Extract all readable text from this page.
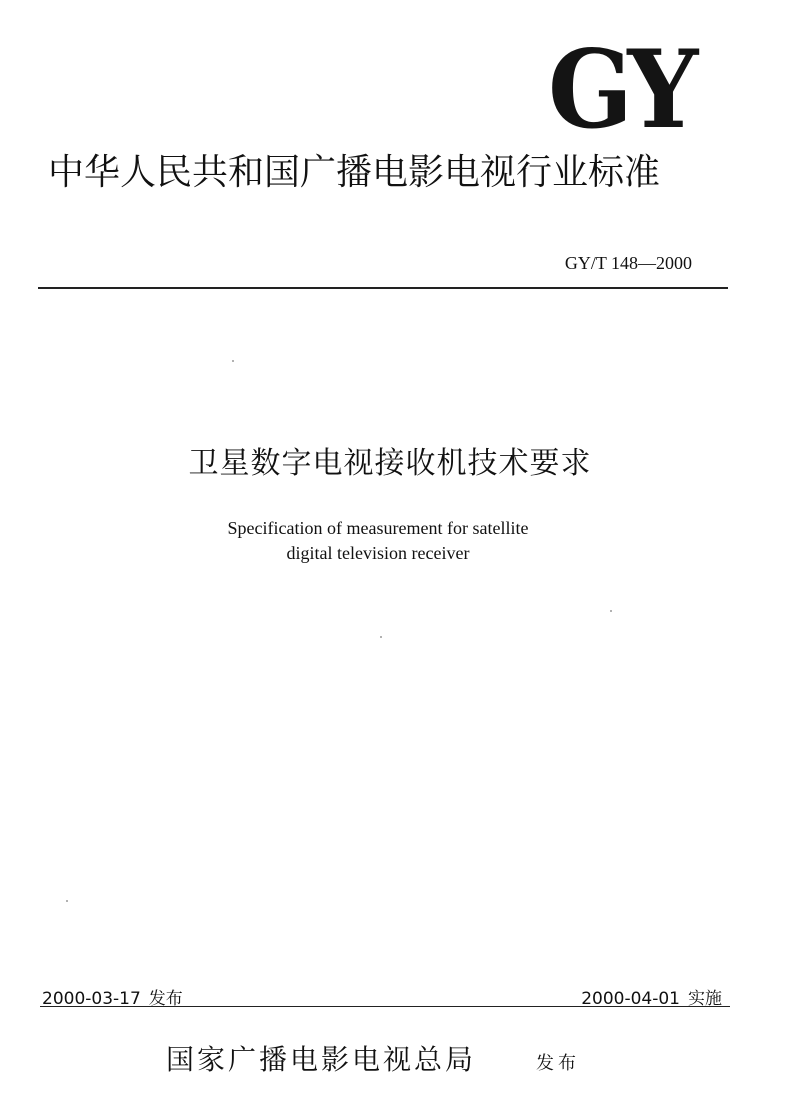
GY
中华人民共和国广播电影电视行业标准
GY/T 148—2000
卫星数字电视接收机技术要求
Specification of measurement for satellite
digital television receiver
2000-03-17 发布	2000-04-01 实施
国家广播电影电视总局	发布
